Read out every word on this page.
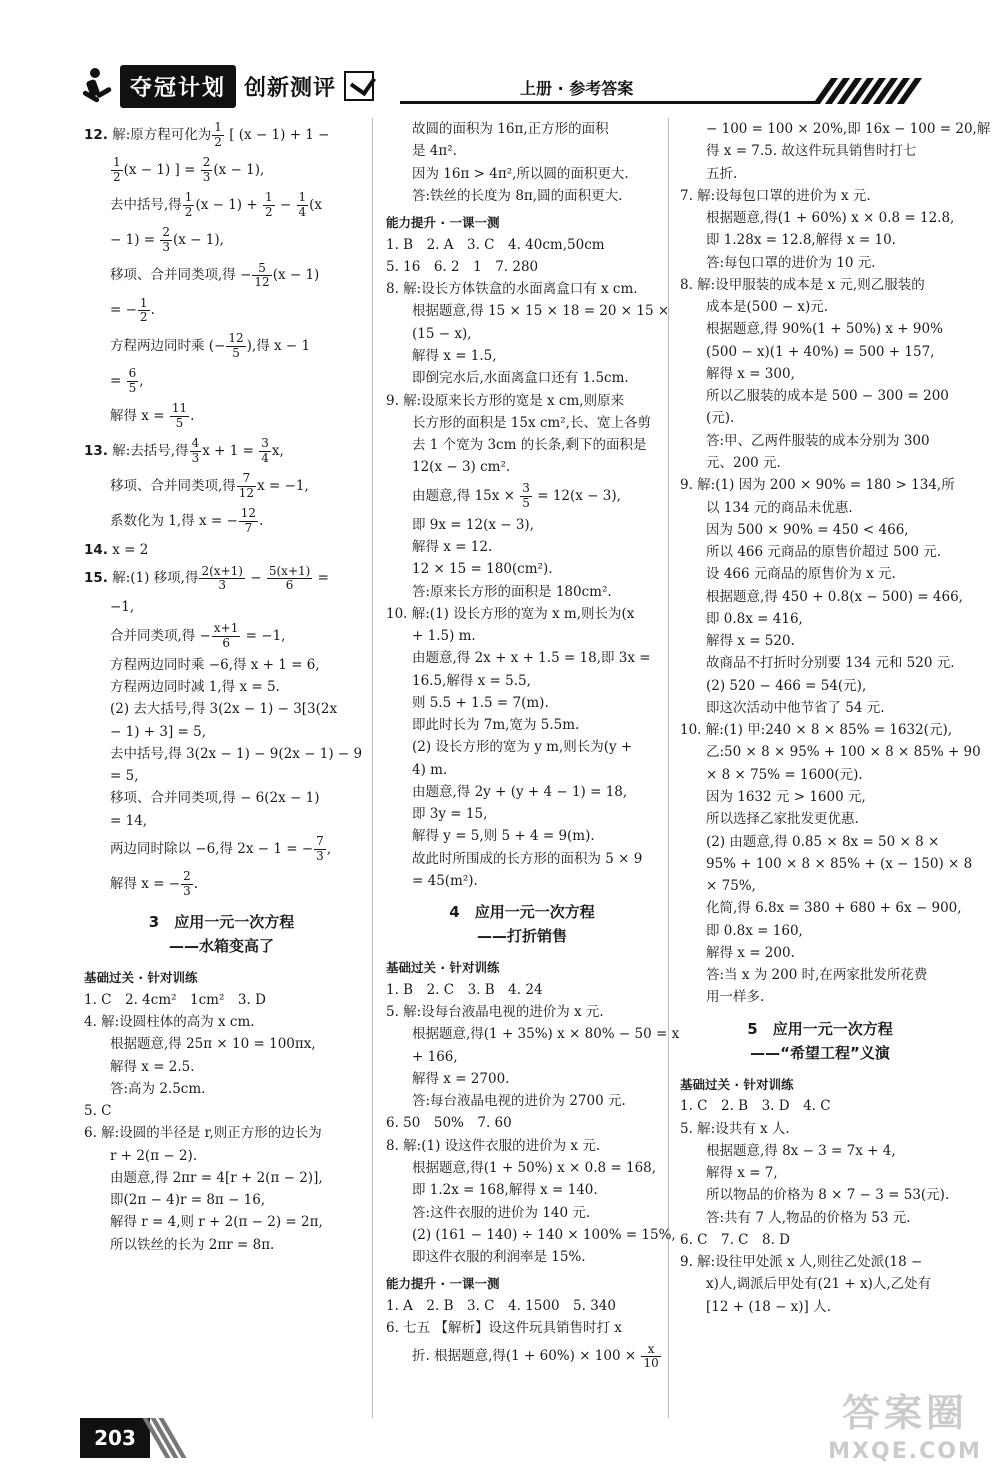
夺冠计划 创新测评	上册 · 参考答案
12. 解:原方程可化为 $\frac{1}{2}$ [ (x − 1) + 1 −
$\frac{1}{2} (x - 1)$ ] = $\frac{2}{3} (x - 1)$,
去中括号,得 $\frac{1}{2} (x - 1) + \frac{1}{2} - \frac{1}{4} (x$
− $1) = \frac{2}{3} (x - 1)$,
移项、合并同类项,得 − $\frac{5}{12} (x - 1)$
= − $\frac{1}{2}$ .
方程两边同时乘 (− $\frac{12}{5}$ ),得 x − 1
= $\frac{6}{5}$ ,
解得 $x = \frac{11}{5}$ .
13. 解:去括号,得 $\frac{4}{3}$ $x + 1 = \frac{3}{4} x$,
移项、合并同类项,得 $\frac{7}{12}$ x = −1,
系数化为 1,得 x = − $\frac{12}{7}$ .
14. x = 2
15. 解:(1) 移项,得 $\frac{2(x+1)}{3} - \frac{5(x+1)}{6}$ =
−1,
合并同类项,得 − $\frac{x+1}{6} = -1$,
方程两边同时乘 −6,得 x + 1 = 6,
方程两边同时减 1,得 x = 5.
(2) 去大括号,得 3(2x − 1) − 3[3(2x
− 1) + 3] = 5,
去中括号,得 3(2x − 1) − 9(2x − 1) − 9
= 5,
移项、合并同类项,得 − 6(2x − 1)
= 14,
两边同时除以 −6,得 2x − 1 = − $\frac{7}{3}$ ,
解得 x = − $\frac{2}{3}$ .
3　应用一元一次方程
——水箱变高了
基础过关 · 针对训练
1. C　2. 4cm²　1cm²　3. D
4. 解:设圆柱体的高为 x cm.
根据题意,得 25π × 10 = 100πx,
解得 x = 2.5.
答:高为 2.5cm.
5. C
6. 解:设圆的半径是 r,则正方形的边长为
r + 2(π − 2).
由题意,得 2πr = 4[r + 2(π − 2)],
即(2π − 4)r = 8π − 16,
解得 r = 4,则 r + 2(π − 2) = 2π,
所以铁丝的长为 2πr = 8π.
故圆的面积为 16π,正方形的面积
是 4π².
因为 16π > 4π²,所以圆的面积更大.
答:铁丝的长度为 8π,圆的面积更大.
能力提升 · 一课一测
1. B　2. A　3. C　4. 40cm,50cm
5. 16　6. 2　1　7. 280
8. 解:设长方体铁盒的水面离盒口有 x cm.
根据题意,得 15 × 15 × 18 = 20 × 15 ×
(15 − x),
解得 x = 1.5,
即倒完水后,水面离盒口还有 1.5cm.
9. 解:设原来长方形的宽是 x cm,则原来
长方形的面积是 15x cm²,长、宽上各剪
去 1 个宽为 3cm 的长条,剩下的面积是
12(x − 3) cm².
由题意,得 $15x \times \frac{3}{5} = 12(x - 3)$,
即 9x = 12(x − 3),
解得 x = 12.
12 × 15 = 180(cm²).
答:原来长方形的面积是 180cm².
10. 解:(1) 设长方形的宽为 x m,则长为(x
+ 1.5) m.
由题意,得 2x + x + 1.5 = 18,即 3x =
16.5,解得 x = 5.5,
则 5.5 + 1.5 = 7(m).
即此时长为 7m,宽为 5.5m.
(2) 设长方形的宽为 y m,则长为(y +
4) m.
由题意,得 2y + (y + 4 − 1) = 18,
即 3y = 15,
解得 y = 5,则 5 + 4 = 9(m).
故此时所围成的长方形的面积为 5 × 9
= 45(m²).
4　应用一元一次方程
——打折销售
基础过关 · 针对训练
1. B　2. C　3. B　4. 24
5. 解:设每台液晶电视的进价为 x 元.
根据题意,得(1 + 35%) x × 80% − 50 = x
+ 166,
解得 x = 2700.
答:每台液晶电视的进价为 2700 元.
6. 50　50%　7. 60
8. 解:(1) 设这件衣服的进价为 x 元.
根据题意,得(1 + 50%) x × 0.8 = 168,
即 1.2x = 168,解得 x = 140.
答:这件衣服的进价为 140 元.
(2) (161 − 140) ÷ 140 × 100% = 15%,
即这件衣服的利润率是 15%.
能力提升 · 一课一测
1. A　2. B　3. C　4. 1500　5. 340
6. 七五 【解析】设这件玩具销售时打 x
折. 根据题意,得$(1 + 60\%) \times 100 \times \frac{x}{10}$
− 100 = 100 × 20%,即 16x − 100 = 20,解
得 x = 7.5. 故这件玩具销售时打七
五折.
7. 解:设每包口罩的进价为 x 元.
根据题意,得(1 + 60%) x × 0.8 = 12.8,
即 1.28x = 12.8,解得 x = 10.
答:每包口罩的进价为 10 元.
8. 解:设甲服装的成本是 x 元,则乙服装的
成本是(500 − x)元.
根据题意,得 90%(1 + 50%) x + 90%
(500 − x)(1 + 40%) = 500 + 157,
解得 x = 300,
所以乙服装的成本是 500 − 300 = 200
(元).
答:甲、乙两件服装的成本分别为 300
元、200 元.
9. 解:(1) 因为 200 × 90% = 180 > 134,所
以 134 元的商品未优惠.
因为 500 × 90% = 450 < 466,
所以 466 元商品的原售价超过 500 元.
设 466 元商品的原售价为 x 元.
根据题意,得 450 + 0.8(x − 500) = 466,
即 0.8x = 416,
解得 x = 520.
故商品不打折时分别要 134 元和 520 元.
(2) 520 − 466 = 54(元),
即这次活动中他节省了 54 元.
10. 解:(1) 甲:240 × 8 × 85% = 1632(元),
乙:50 × 8 × 95% + 100 × 8 × 85% + 90
× 8 × 75% = 1600(元).
因为 1632 元 > 1600 元,
所以选择乙家批发更优惠.
(2) 由题意,得 0.85 × 8x = 50 × 8 ×
95% + 100 × 8 × 85% + (x − 150) × 8
× 75%,
化简,得 6.8x = 380 + 680 + 6x − 900,
即 0.8x = 160,
解得 x = 200.
答:当 x 为 200 时,在两家批发所花费
用一样多.
5　应用一元一次方程
——“希望工程”义演
基础过关 · 针对训练
1. C　2. B　3. D　4. C
5. 解:设共有 x 人.
根据题意,得 8x − 3 = 7x + 4,
解得 x = 7,
所以物品的价格为 8 × 7 − 3 = 53(元).
答:共有 7 人,物品的价格为 53 元.
6. C　7. C　8. D
9. 解:设往甲处派 x 人,则往乙处派(18 −
x)人,调派后甲处有(21 + x)人,乙处有
[12 + (18 − x)] 人.
203
答案圈
MXQE.COM
